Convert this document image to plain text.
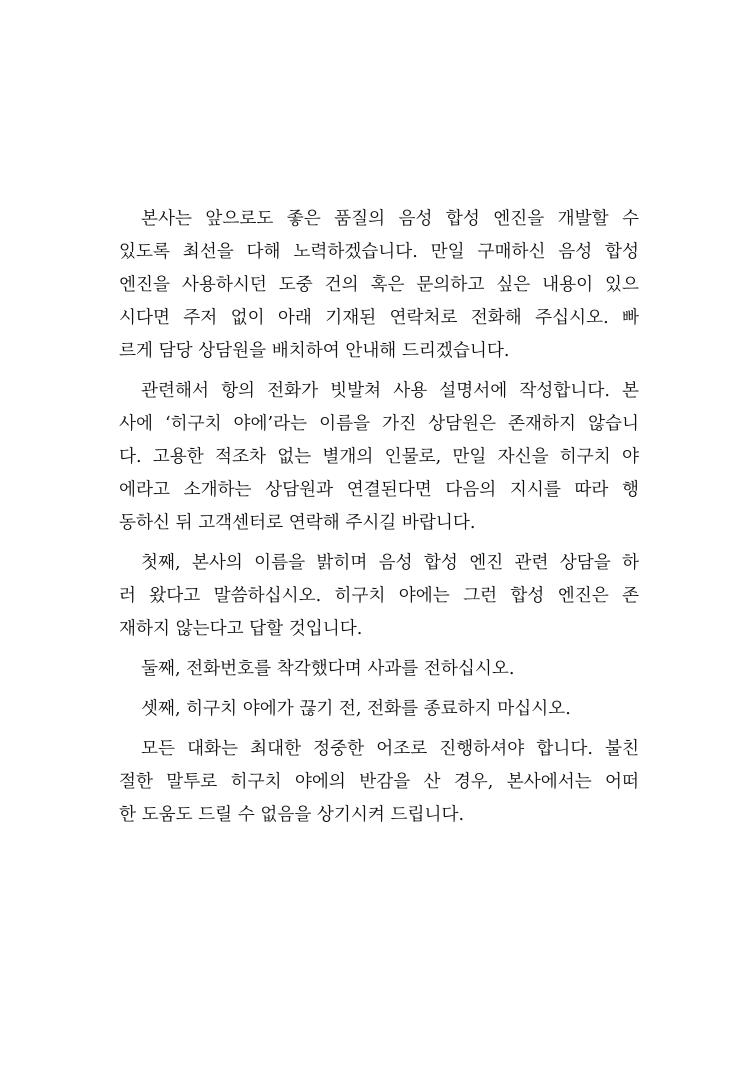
본사는 앞으로도 좋은 품질의 음성 합성 엔진을 개발할 수
있도록 최선을 다해 노력하겠습니다. 만일 구매하신 음성 합성
엔진을 사용하시던 도중 건의 혹은 문의하고 싶은 내용이 있으
시다면 주저 없이 아래 기재된 연락처로 전화해 주십시오. 빠
르게 담당 상담원을 배치하여 안내해 드리겠습니다.
관련해서 항의 전화가 빗발쳐 사용 설명서에 작성합니다. 본
사에 ‘히구치 야에’라는 이름을 가진 상담원은 존재하지 않습니
다. 고용한 적조차 없는 별개의 인물로, 만일 자신을 히구치 야
에라고 소개하는 상담원과 연결된다면 다음의 지시를 따라 행
동하신 뒤 고객센터로 연락해 주시길 바랍니다.
첫째, 본사의 이름을 밝히며 음성 합성 엔진 관련 상담을 하
러 왔다고 말씀하십시오. 히구치 야에는 그런 합성 엔진은 존
재하지 않는다고 답할 것입니다.
둘째, 전화번호를 착각했다며 사과를 전하십시오.
셋째, 히구치 야에가 끊기 전, 전화를 종료하지 마십시오.
모든 대화는 최대한 정중한 어조로 진행하셔야 합니다. 불친
절한 말투로 히구치 야에의 반감을 산 경우, 본사에서는 어떠
한 도움도 드릴 수 없음을 상기시켜 드립니다.
